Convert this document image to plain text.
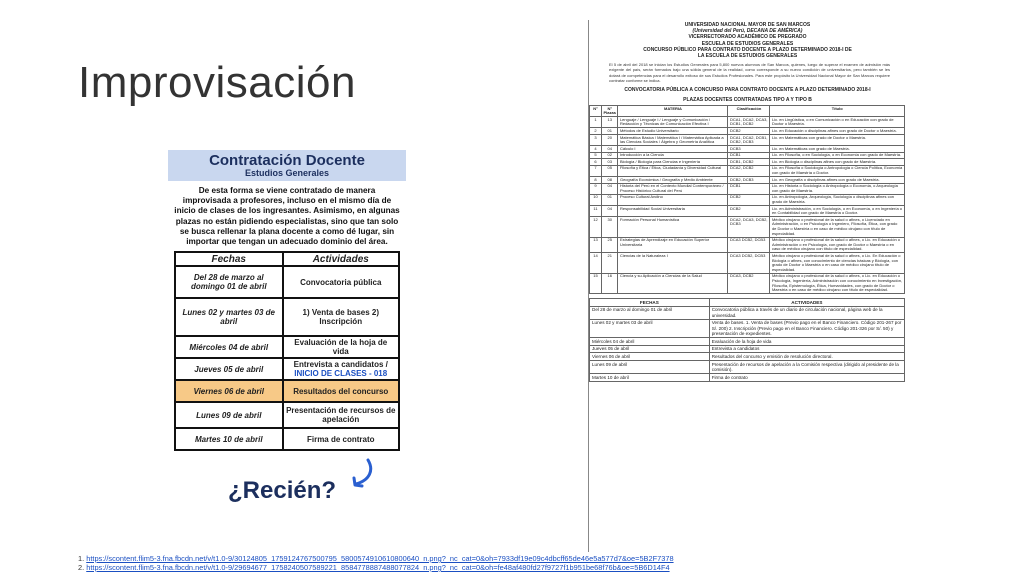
Improvisación
Contratación Docente
Estudios Generales
De esta forma se viene contratado de manera improvisada a profesores, incluso en el mismo día de inicio de clases de los ingresantes. Asimismo, en algunas plazas no están pidiendo especialistas, sino que tan solo se busca rellenar la plana docente a como dé lugar, sin importar que tengan un adecuado dominio del área.
Fechas	Actividades
Del 28 de marzo al domingo 01 de abril	Convocatoria pública
Lunes 02 y martes 03 de abril	1) Venta de bases 2) Inscripción
Miércoles 04 de abril	Evaluación de la hoja de vida
Jueves 05 de abril	Entrevista a candidatos /
INICIO DE CLASES - 018
Viernes 06 de abril	Resultados del concurso
Lunes 09 de abril	Presentación de recursos de apelación
Martes 10 de abril	Firma de contrato
¿Recién?
UNIVERSIDAD NACIONAL MAYOR DE SAN MARCOS
(Universidad del Perú, DECANA DE AMÉRICA)
VICERRECTORADO ACADÉMICO DE PREGRADO
ESCUELA DE ESTUDIOS GENERALES
CONCURSO PÚBLICO PARA CONTRATO DOCENTE A PLAZO DETERMINADO 2018-I DE
LA ESCUELA DE ESTUDIOS GENERALES
El 5 de abril del 2018 se inician los Estudios Generales para 5,800 nuevos alumnos de San Marcos, quienes, luego de superar el examen de admisión más exigente del país, serán formados bajo una sólida general de la realidad, como corresponde a su nuevo condición de universitarios, pero también se les dotará de competencias para el desarrollo exitoso de sus Estudios Profesionales. Para este propósito la Universidad Nacional Mayor de San Marcos requiere contratar conforme se indica.
CONVOCATORIA PÚBLICA A CONCURSO PARA CONTRATO DOCENTE A PLAZO DETERMINADO 2018-I
PLAZAS DOCENTES CONTRATADAS TIPO A Y TIPO B
N°	N° Plazas	MATERIA	Clasificación	Título
1	13	Lenguaje / Lenguaje I / Lenguaje y Comunicación / Redacción y Técnicas de Comunicación Efectiva I	DCA1, DCA2, DCA3, DCB1, DCB2	Lic. en Lingüística, o en Comunicación o en Educación con grado de Doctor o Maestría.
2	01	Métodos de Estudio Universitario	DCB2	Lic. en Educación o disciplinas afines con grado de Doctor o Maestría.
3	20	Matemática Básica / Matemática I / Matemática Aplicada a las Ciencias Sociales / Álgebra y Geometría Analítica	DCA1, DCA2, DCB1, DCB2, DCB3	Lic. en Matemáticas con grado de Doctor o Maestría.
4	04	Cálculo I	DCB3	Lic. en Matemáticas con grado de Maestría.
5	02	Introducción a la Ciencia	DCB1	Lic. en Filosofía, o en Sociología, o en Economía con grado de Maestría.
6	03	Biología / Biología para Ciencias e Ingeniería	DCB1, DCB2	Lic. en Biología o disciplinas afines con grado de Maestría.
7	05	Filosofía y Ética / Ética, Ciudadanía y Diversidad Cultural	DCA2, DCB2	Lic. en Filosofía o Sociología o Antropología o Ciencia Política, Economía con grado de Maestría o Doctor.
8	08	Geografía Económica / Geografía y Medio Ambiente	DCB2, DCB3	Lic. en Geografía o disciplinas afines con grado de Maestría.
9	04	Historia del Perú en el Contexto Mundial Contemporáneo / Proceso Histórico Cultural del Perú	DCB1	Lic. en Historia o Sociología o Antropología o Economía, o Arqueología con grado de Maestría.
10	01	Proceso Cultural Andino	DCB2	Lic. en Antropología, Arqueología, Sociología o disciplinas afines con grado de Maestría.
11	04	Responsabilidad Social Universitaria	DCB2	Lic. en Administración, o en Sociología, o en Economía, o en Ingeniería o en Contabilidad con grado de Maestría o Doctor.
12	30	Formación Personal Humanística	DCA2, DCA3, DCB2, DCB3	Médico cirujano o profesional de la salud o afines, o Licenciado en Administración, o en Psicología o Ingeniero, Filosofía, Ética, con grado de Doctor o Maestría o en caso de médico cirujano con título de especialidad.
13	25	Estrategias de Aprendizaje en Educación Superior Universitaria	DCA3 DCB2, DCB3	Médico cirujano o profesional de la salud o afines, o Lic. en Educación o Administración o en Psicología, con grado de Doctor o Maestría o en caso de médico cirujano con título de especialidad.
14	21	Ciencias de la Naturaleza I	DCA3 DCB2, DCB3	Médico cirujano o profesional de la salud o afines, o Lic. En Educación o Biología o afines, con conocimiento de ciencias básicas y Biología, con grado de Doctor o Maestría o en caso de médico cirujano título de especialidad.
15	16	Ciencia y su Aplicación a Ciencias de la Salud	DCA3, DCB2	Médico cirujano o profesional de la salud o afines, o Lic. en Educación o Psicología, Ingeniería, Administración con conocimiento en Investigación, Filosofía, Epistemología, Ética, Humanidades, con grado de Doctor o Maestría o en caso de médico cirujano con título de especialidad.
FECHAS	ACTIVIDADES
Del 28 de marzo al domingo 01 de abril	Convocatoria pública a través de un diario de circulación nacional, página web de la universidad.
Lunes 02 y martes 03 de abril	Venta de bases. 1. Venta de bases (Previo pago en el Banco Financiero. Código 201-267 por S/. 200) 2. Inscripción (Previo pago en el Banco Financiero. Código 201-326 por S/. 50) y presentación de expedientes.
Miércoles 04 de abril	Evaluación de la hoja de vida
Jueves 05 de abril	Entrevista a candidatos
Viernes 06 de abril	Resultados del concurso y emisión de resolución directoral.
Lunes 09 de abril	Presentación de recursos de apelación a la Comisión respectiva (dirigido al presidente de la comisión).
Martes 10 de abril	Firma de contrato
1. https://scontent.flim5-3.fna.fbcdn.net/v/t1.0-9/30124805_1759124767500795_5800574910610800640_n.png?_nc_cat=0&oh=7933df19e09c4dbcff65de46e5a577d7&oe=5B2F7378
2. https://scontent.flim5-3.fna.fbcdn.net/v/t1.0-9/29694677_1758240507589221_8584778887488077824_n.png?_nc_cat=0&oh=fe48af480fd27f9727f1b951be68f76b&oe=5B6D14F4
